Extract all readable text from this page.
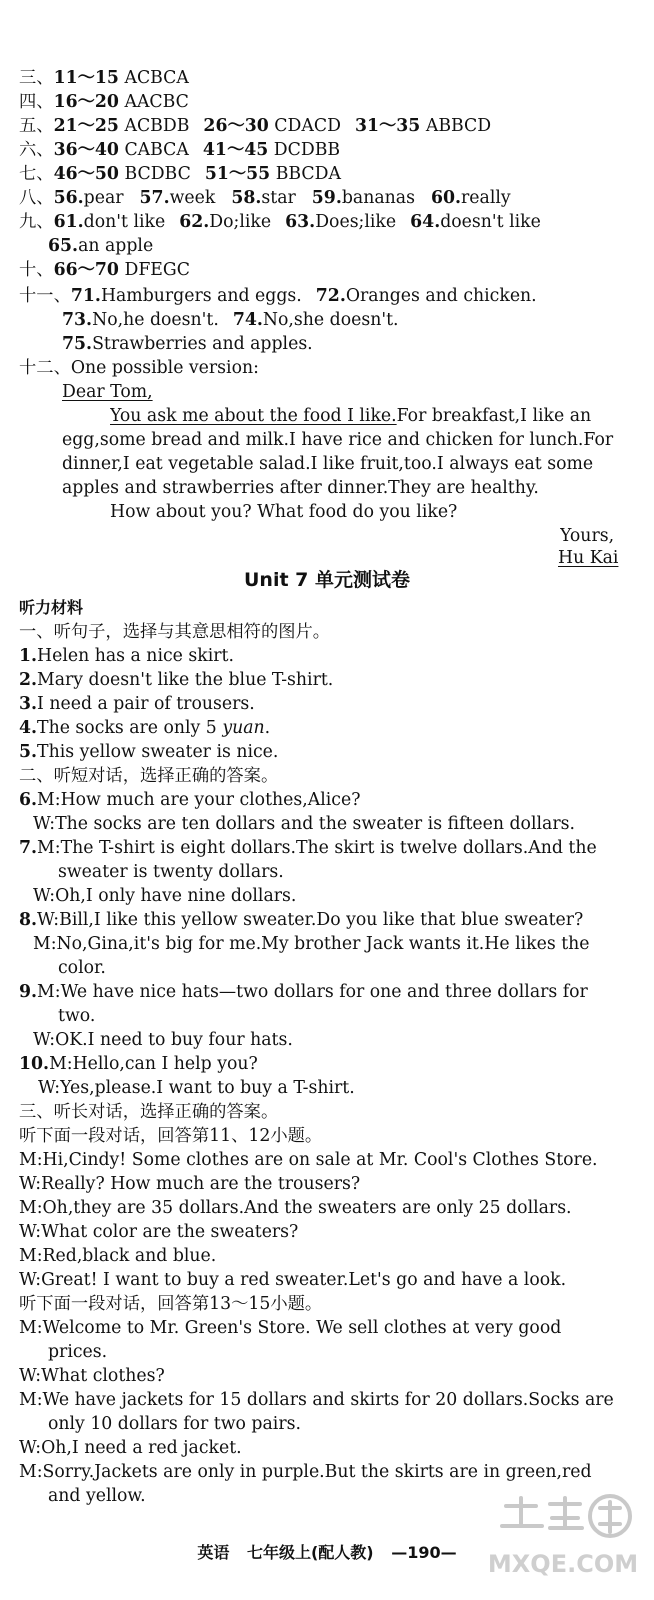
三、11～15 ACBCA
四、16～20 AACBC
五、21～25 ACBDB 26～30 CDACD 31～35 ABBCD
六、36～40 CABCA 41～45 DCDBB
七、46～50 BCDBC 51～55 BBCDA
八、56.pear 57.week 58.star 59.bananas 60.really
九、61.don't like 62.Do;like 63.Does;like 64.doesn't like
65.an apple
十、66～70 DFEGC
十一、71.Hamburgers and eggs. 72.Oranges and chicken.
73.No,he doesn't. 74.No,she doesn't.
75.Strawberries and apples.
十二、One possible version:
Dear Tom,
You ask me about the food I like.For breakfast,I like an
egg,some bread and milk.I have rice and chicken for lunch.For
dinner,I eat vegetable salad.I like fruit,too.I always eat some
apples and strawberries after dinner.They are healthy.
How about you? What food do you like?
Yours,
Hu Kai
Unit 7 单元测试卷
听力材料
一、听句子，选择与其意思相符的图片。
1.Helen has a nice skirt.
2.Mary doesn't like the blue T-shirt.
3.I need a pair of trousers.
4.The socks are only 5 yuan.
5.This yellow sweater is nice.
二、听短对话，选择正确的答案。
6.M:How much are your clothes,Alice?
W:The socks are ten dollars and the sweater is fifteen dollars.
7.M:The T-shirt is eight dollars.The skirt is twelve dollars.And the
sweater is twenty dollars.
W:Oh,I only have nine dollars.
8.W:Bill,I like this yellow sweater.Do you like that blue sweater?
M:No,Gina,it's big for me.My brother Jack wants it.He likes the
color.
9.M:We have nice hats—two dollars for one and three dollars for
two.
W:OK.I need to buy four hats.
10.M:Hello,can I help you?
W:Yes,please.I want to buy a T-shirt.
三、听长对话，选择正确的答案。
听下面一段对话，回答第11、12小题。
M:Hi,Cindy! Some clothes are on sale at Mr. Cool's Clothes Store.
W:Really? How much are the trousers?
M:Oh,they are 35 dollars.And the sweaters are only 25 dollars.
W:What color are the sweaters?
M:Red,black and blue.
W:Great! I want to buy a red sweater.Let's go and have a look.
听下面一段对话，回答第13～15小题。
M:Welcome to Mr. Green's Store. We sell clothes at very good
prices.
W:What clothes?
M:We have jackets for 15 dollars and skirts for 20 dollars.Socks are
only 10 dollars for two pairs.
W:Oh,I need a red jacket.
M:Sorry.Jackets are only in purple.But the skirts are in green,red
and yellow.
英语 七年级上(配人教) —190—	MXQE.COM
